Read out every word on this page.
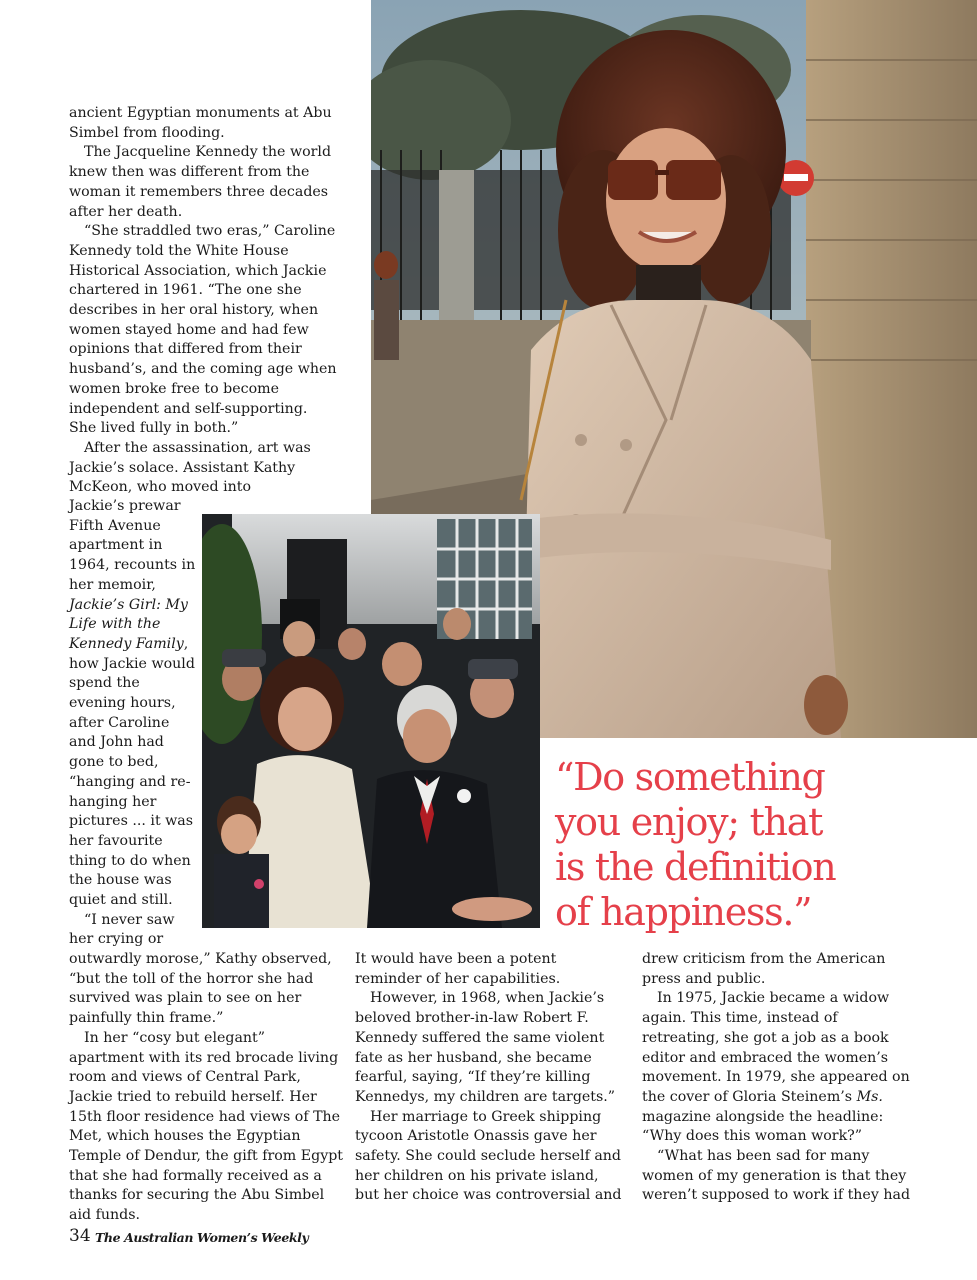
ancient Egyptian monuments at Abu Simbel from flooding.

The Jacqueline Kennedy the world knew then was different from the woman it remembers three decades after her death.

“She straddled two eras,” Caroline Kennedy told the White House Historical Association, which Jackie chartered in 1961. “The one she describes in her oral history, when women stayed home and had few opinions that differed from their husband’s, and the coming age when women broke free to become independent and self-supporting. She lived fully in both.”

After the assassination, art was Jackie’s solace. Assistant Kathy McKeon, who moved into

Jackie’s prewar Fifth Avenue apartment in 1964, recounts in her memoir, Jackie’s Girl: My Life with the Kennedy Family, how Jackie would spend the evening hours, after Caroline and John had gone to bed, “hanging and re-hanging her pictures ... it was her favourite thing to do when the house was quiet and still.

“I never saw her crying or

outwardly morose,” Kathy observed, “but the toll of the horror she had survived was plain to see on her painfully thin frame.”

In her “cosy but elegant” apartment with its red brocade living room and views of Central Park, Jackie tried to rebuild herself. Her 15th floor residence had views of The Met, which houses the Egyptian Temple of Dendur, the gift from Egypt that she had formally received as a thanks for securing the Abu Simbel aid funds.

It would have been a potent reminder of her capabilities.

However, in 1968, when Jackie’s beloved brother-in-law Robert F. Kennedy suffered the same violent fate as her husband, she became fearful, saying, “If they’re killing Kennedys, my children are targets.”

Her marriage to Greek shipping tycoon Aristotle Onassis gave her safety. She could seclude herself and her children on his private island, but her choice was controversial and

drew criticism from the American press and public.

In 1975, Jackie became a widow again. This time, instead of retreating, she got a job as a book editor and embraced the women’s movement. In 1979, she appeared on the cover of Gloria Steinem’s Ms. magazine alongside the headline: “Why does this woman work?”

“What has been sad for many women of my generation is that they weren’t supposed to work if they had

“Do something
you enjoy; that
is the definition
of happiness.”
34 The Australian Women’s Weekly
